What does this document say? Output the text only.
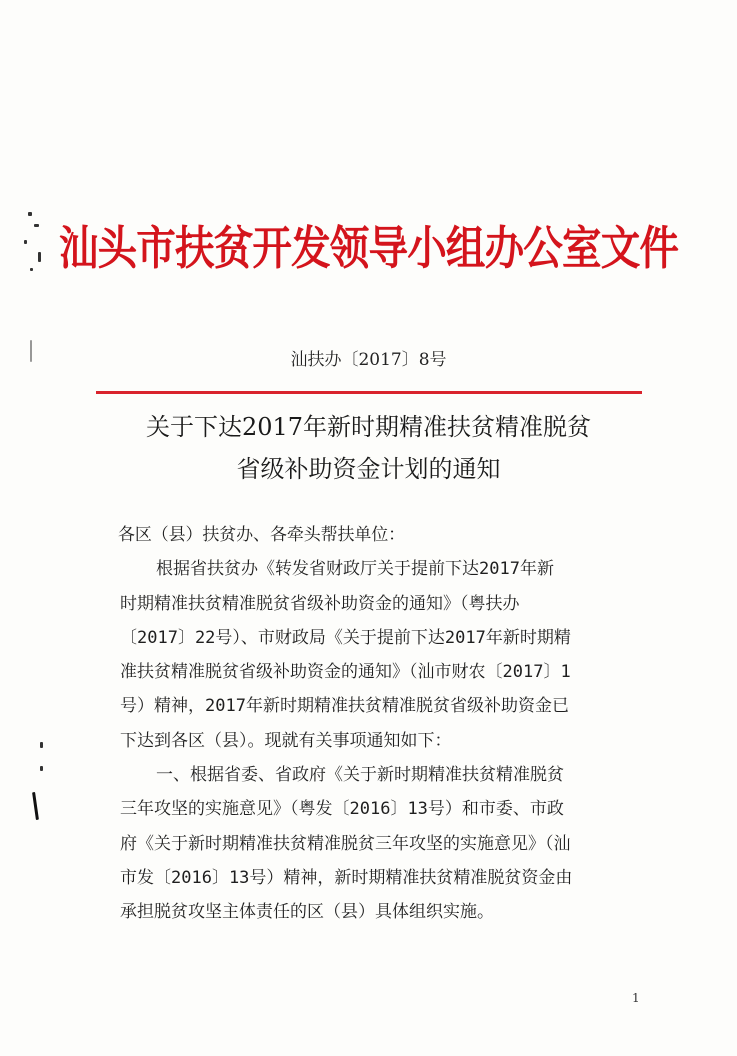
汕头市扶贫开发领导小组办公室文件
汕扶办〔2017〕8号
关于下达2017年新时期精准扶贫精准脱贫
省级补助资金计划的通知
各区（县）扶贫办、各牵头帮扶单位：
根据省扶贫办《转发省财政厅关于提前下达2017年新
时期精准扶贫精准脱贫省级补助资金的通知》（粤扶办
〔2017〕22号）、市财政局《关于提前下达2017年新时期精
准扶贫精准脱贫省级补助资金的通知》（汕市财农〔2017〕1
号）精神，2017年新时期精准扶贫精准脱贫省级补助资金已
下达到各区（县）。现就有关事项通知如下：
一、根据省委、省政府《关于新时期精准扶贫精准脱贫
三年攻坚的实施意见》（粤发〔2016〕13号）和市委、市政
府《关于新时期精准扶贫精准脱贫三年攻坚的实施意见》（汕
市发〔2016〕13号）精神，新时期精准扶贫精准脱贫资金由
承担脱贫攻坚主体责任的区（县）具体组织实施。
1
